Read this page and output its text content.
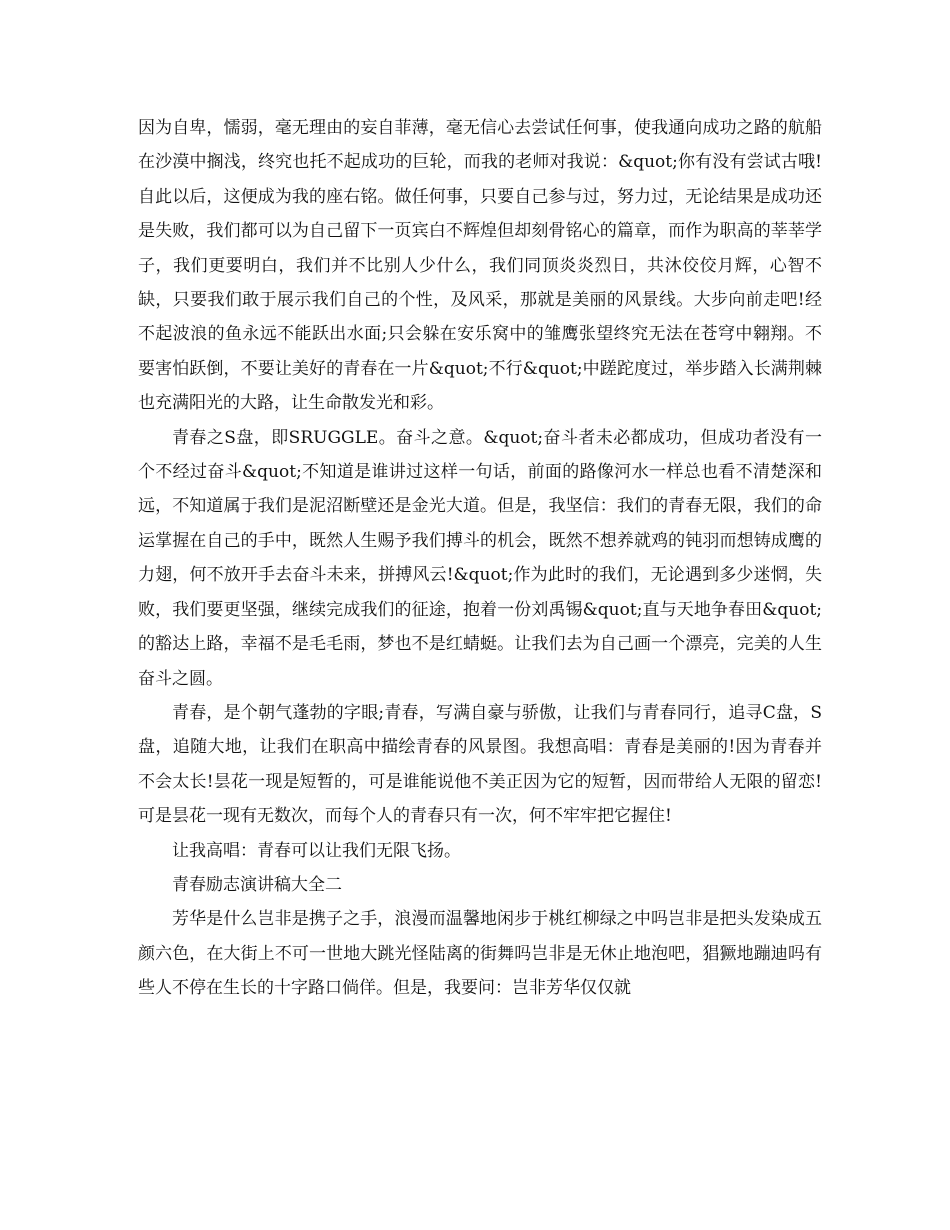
因为自卑，懦弱，毫无理由的妄自菲薄，毫无信心去尝试任何事，使我通向成功之路的航船在沙漠中搁浅，终究也托不起成功的巨轮，而我的老师对我说：&quot;你有没有尝试古哦!自此以后，这便成为我的座右铭。做任何事，只要自己参与过，努力过，无论结果是成功还是失败，我们都可以为自己留下一页宾白不辉煌但却刻骨铭心的篇章，而作为职高的莘莘学子，我们更要明白，我们并不比别人少什么，我们同顶炎炎烈日，共沐佼佼月辉，心智不缺，只要我们敢于展示我们自己的个性，及风采，那就是美丽的风景线。大步向前走吧!经不起波浪的鱼永远不能跃出水面;只会躲在安乐窝中的雏鹰张望终究无法在苍穹中翱翔。不要害怕跃倒，不要让美好的青春在一片&quot;不行&quot;中蹉跎度过，举步踏入长满荆棘也充满阳光的大路，让生命散发光和彩。

青春之S盘，即SRUGGLE。奋斗之意。&quot;奋斗者未必都成功，但成功者没有一个不经过奋斗&quot;不知道是谁讲过这样一句话，前面的路像河水一样总也看不清楚深和远，不知道属于我们是泥沼断壁还是金光大道。但是，我坚信：我们的青春无限，我们的命运掌握在自己的手中，既然人生赐予我们搏斗的机会，既然不想养就鸡的钝羽而想铸成鹰的力翅，何不放开手去奋斗未来，拼搏风云!&quot;作为此时的我们，无论遇到多少迷惘，失败，我们要更坚强，继续完成我们的征途，抱着一份刘禹锡&quot;直与天地争春田&quot;的豁达上路，幸福不是毛毛雨，梦也不是红蜻蜓。让我们去为自己画一个漂亮，完美的人生奋斗之圆。

青春，是个朝气蓬勃的字眼;青春，写满自豪与骄傲，让我们与青春同行，追寻C盘，S盘，追随大地，让我们在职高中描绘青春的风景图。我想高唱：青春是美丽的!因为青春并不会太长!昙花一现是短暂的，可是谁能说他不美正因为它的短暂，因而带给人无限的留恋!可是昙花一现有无数次，而每个人的青春只有一次，何不牢牢把它握住!

让我高唱：青春可以让我们无限飞扬。

青春励志演讲稿大全二

芳华是什么岂非是携子之手，浪漫而温馨地闲步于桃红柳绿之中吗岂非是把头发染成五颜六色，在大街上不可一世地大跳光怪陆离的街舞吗岂非是无休止地泡吧，猖獗地蹦迪吗有些人不停在生长的十字路口倘佯。但是，我要问：岂非芳华仅仅就
